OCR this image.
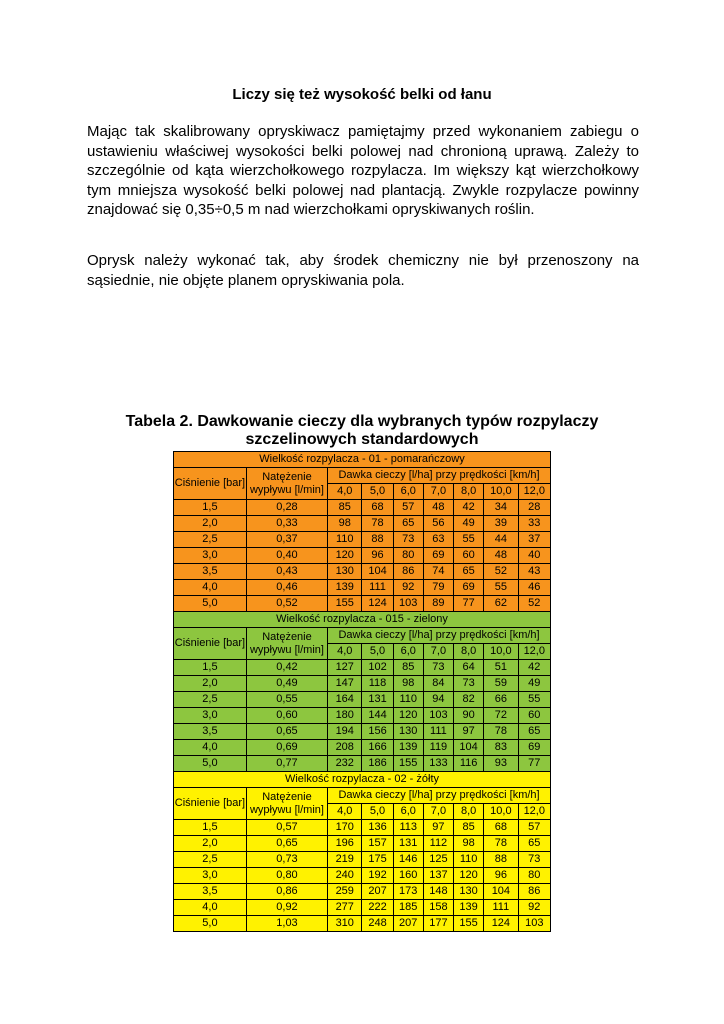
Liczy się też wysokość belki od łanu

Mając tak skalibrowany opryskiwacz pamiętajmy przed wykonaniem zabiegu o ustawieniu właściwej wysokości belki polowej nad chronioną uprawą. Zależy to szczególnie od kąta wierzchołkowego rozpylacza. Im większy kąt wierzchołkowy tym mniejsza wysokość belki polowej nad plantacją. Zwykle rozpylacze powinny znajdować się 0,35÷0,5 m nad wierzchołkami opryskiwanych roślin.

Oprysk należy wykonać tak, aby środek chemiczny nie był przenoszony na sąsiednie, nie objęte planem opryskiwania pola.

Tabela 2. Dawkowanie cieczy dla wybranych typów rozpylaczy
szczelinowych standardowych
Wielkość rozpylacza - 01 - pomarańczowy								
Ciśnienie [bar]	Natężenie wypływu [l/min]	Dawka cieczy [l/ha] przy prędkości [km/h]						

		4,0	5,0	6,0	7,0	8,0	10,0	12,0
1,5	0,28	85	68	57	48	42	34	28
2,0	0,33	98	78	65	56	49	39	33
2,5	0,37	110	88	73	63	55	44	37
3,0	0,40	120	96	80	69	60	48	40
3,5	0,43	130	104	86	74	65	52	43
4,0	0,46	139	111	92	79	69	55	46
5,0	0,52	155	124	103	89	77	62	52
Wielkość rozpylacza - 015 - zielony								
Ciśnienie [bar]	Natężenie wypływu [l/min]	Dawka cieczy [l/ha] przy prędkości [km/h]						

		4,0	5,0	6,0	7,0	8,0	10,0	12,0
1,5	0,42	127	102	85	73	64	51	42
2,0	0,49	147	118	98	84	73	59	49
2,5	0,55	164	131	110	94	82	66	55
3,0	0,60	180	144	120	103	90	72	60
3,5	0,65	194	156	130	111	97	78	65
4,0	0,69	208	166	139	119	104	83	69
5,0	0,77	232	186	155	133	116	93	77
Wielkość rozpylacza - 02 - żółty								
Ciśnienie [bar]	Natężenie wypływu [l/min]	Dawka cieczy [l/ha] przy prędkości [km/h]						

		4,0	5,0	6,0	7,0	8,0	10,0	12,0
1,5	0,57	170	136	113	97	85	68	57
2,0	0,65	196	157	131	112	98	78	65
2,5	0,73	219	175	146	125	110	88	73
3,0	0,80	240	192	160	137	120	96	80
3,5	0,86	259	207	173	148	130	104	86
4,0	0,92	277	222	185	158	139	111	92
5,0	1,03	310	248	207	177	155	124	103
